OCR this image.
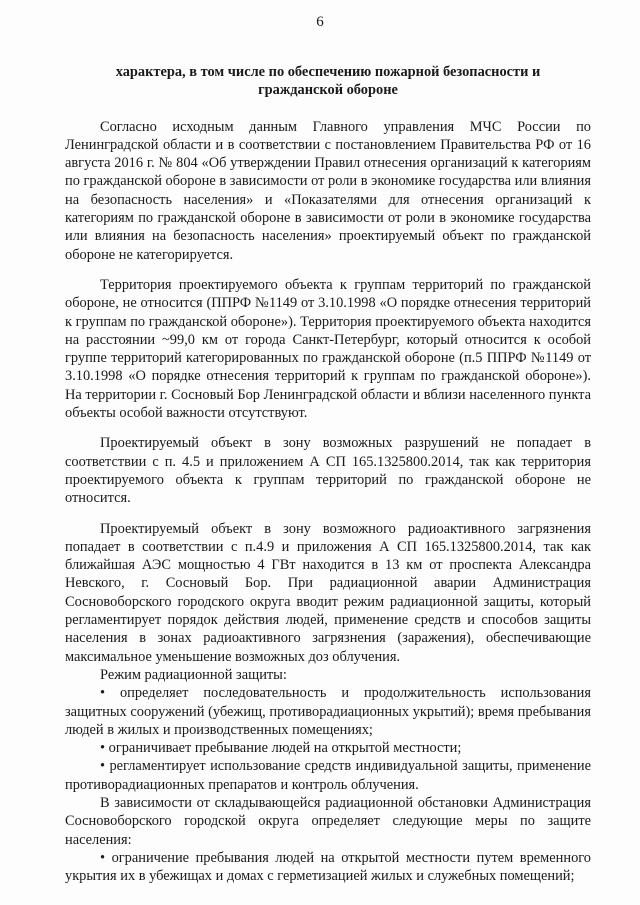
6
характера, в том числе по обеспечению пожарной безопасности и гражданской обороне

Согласно исходным данным Главного управления МЧС России по Ленинградской области и в соответствии с постановлением Правительства РФ от 16 августа 2016 г. № 804 «Об утверждении Правил отнесения организаций к категориям по гражданской обороне в зависимости от роли в экономике государства или влияния на безопасность населения» и «Показателями для отнесения организаций к категориям по гражданской обороне в зависимости от роли в экономике государства или влияния на безопасность населения» проектируемый объект по гражданской обороне не категорируется.

Территория проектируемого объекта к группам территорий по гражданской обороне, не относится (ППРФ №1149 от 3.10.1998 «О порядке отнесения территорий к группам по гражданской обороне»). Территория проектируемого объекта находится на расстоянии ~99,0 км от города Санкт-Петербург, который относится к особой группе территорий категорированных по гражданской обороне (п.5 ППРФ №1149 от 3.10.1998 «О порядке отнесения территорий к группам по гражданской обороне»). На территории г. Сосновый Бор Ленинградской области и вблизи населенного пункта объекты особой важности отсутствуют.

Проектируемый объект в зону возможных разрушений не попадает в соответствии с п. 4.5 и приложением А СП 165.1325800.2014, так как территория проектируемого объекта к группам территорий по гражданской обороне не относится.

Проектируемый объект в зону возможного радиоактивного загрязнения попадает в соответствии с п.4.9 и приложения А СП 165.1325800.2014, так как ближайшая АЭС мощностью 4 ГВт находится в 13 км от проспекта Александра Невского, г. Сосновый Бор. При радиационной аварии Администрация Сосновоборского городского округа вводит режим радиационной защиты, который регламентирует порядок действия людей, применение средств и способов защиты населения в зонах радиоактивного загрязнения (заражения), обеспечивающие максимальное уменьшение возможных доз облучения.

Режим радиационной защиты:

• определяет последовательность и продолжительность использования защитных сооружений (убежищ, противорадиационных укрытий); время пребывания людей в жилых и производственных помещениях;

• ограничивает пребывание людей на открытой местности;

• регламентирует использование средств индивидуальной защиты, применение противорадиационных препаратов и контроль облучения.

В зависимости от складывающейся радиационной обстановки Администрация Сосновоборского городской округа определяет следующие меры по защите населения:

• ограничение пребывания людей на открытой местности путем временного укрытия их в убежищах и домах с герметизацией жилых и служебных помещений;
